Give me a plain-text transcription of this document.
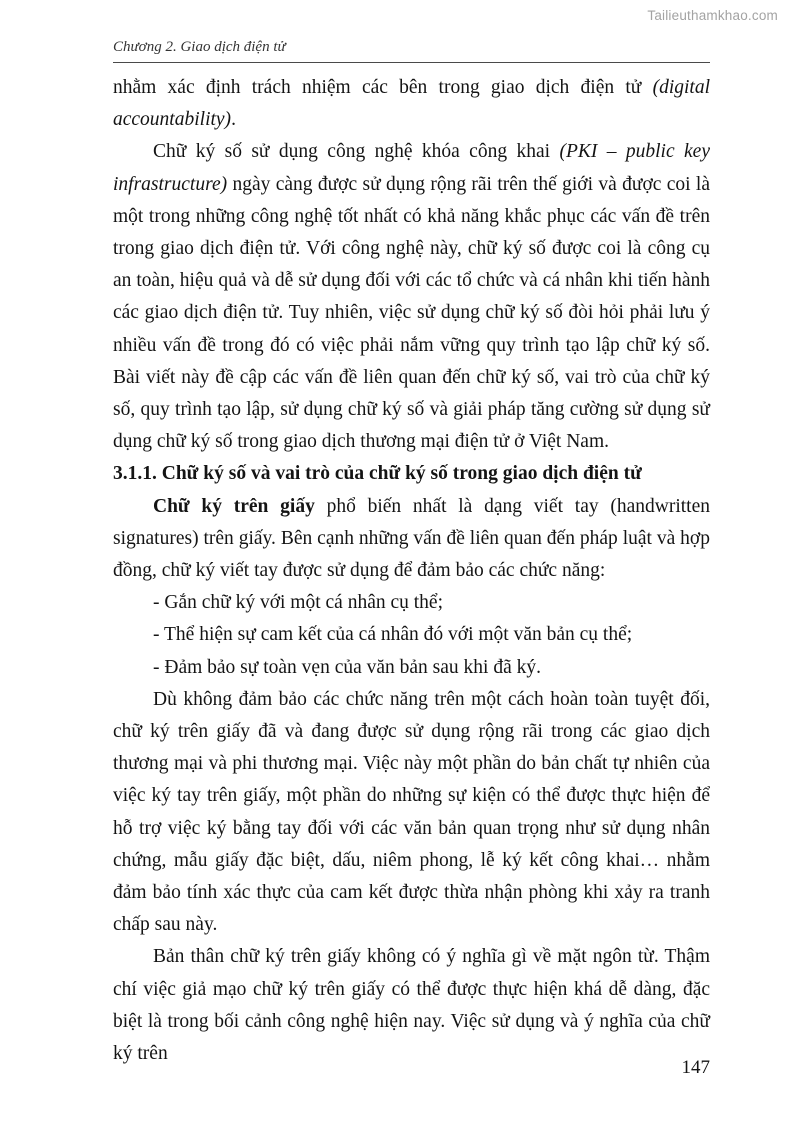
Tailieuthamkhao.com
Chương 2. Giao dịch điện tử

nhằm xác định trách nhiệm các bên trong giao dịch điện tử (digital accountability).

Chữ ký số sử dụng công nghệ khóa công khai (PKI – public key infrastructure) ngày càng được sử dụng rộng rãi trên thế giới và được coi là một trong những công nghệ tốt nhất có khả năng khắc phục các vấn đề trên trong giao dịch điện tử. Với công nghệ này, chữ ký số được coi là công cụ an toàn, hiệu quả và dễ sử dụng đối với các tổ chức và cá nhân khi tiến hành các giao dịch điện tử. Tuy nhiên, việc sử dụng chữ ký số đòi hỏi phải lưu ý nhiều vấn đề trong đó có việc phải nắm vững quy trình tạo lập chữ ký số. Bài viết này đề cập các vấn đề liên quan đến chữ ký số, vai trò của chữ ký số, quy trình tạo lập, sử dụng chữ ký số và giải pháp tăng cường sử dụng sử dụng chữ ký số trong giao dịch thương mại điện tử ở Việt Nam.

3.1.1. Chữ ký số và vai trò của chữ ký số trong giao dịch điện tử

Chữ ký trên giấy phổ biến nhất là dạng viết tay (handwritten signatures) trên giấy. Bên cạnh những vấn đề liên quan đến pháp luật và hợp đồng, chữ ký viết tay được sử dụng để đảm bảo các chức năng:

- Gắn chữ ký với một cá nhân cụ thể;

- Thể hiện sự cam kết của cá nhân đó với một văn bản cụ thể;

- Đảm bảo sự toàn vẹn của văn bản sau khi đã ký.

Dù không đảm bảo các chức năng trên một cách hoàn toàn tuyệt đối, chữ ký trên giấy đã và đang được sử dụng rộng rãi trong các giao dịch thương mại và phi thương mại. Việc này một phần do bản chất tự nhiên của việc ký tay trên giấy, một phần do những sự kiện có thể được thực hiện để hỗ trợ việc ký bằng tay đối với các văn bản quan trọng như sử dụng nhân chứng, mẫu giấy đặc biệt, dấu, niêm phong, lễ ký kết công khai… nhằm đảm bảo tính xác thực của cam kết được thừa nhận phòng khi xảy ra tranh chấp sau này.

Bản thân chữ ký trên giấy không có ý nghĩa gì về mặt ngôn từ. Thậm chí việc giả mạo chữ ký trên giấy có thể được thực hiện khá dễ dàng, đặc biệt là trong bối cảnh công nghệ hiện nay. Việc sử dụng và ý nghĩa của chữ ký trên

147
